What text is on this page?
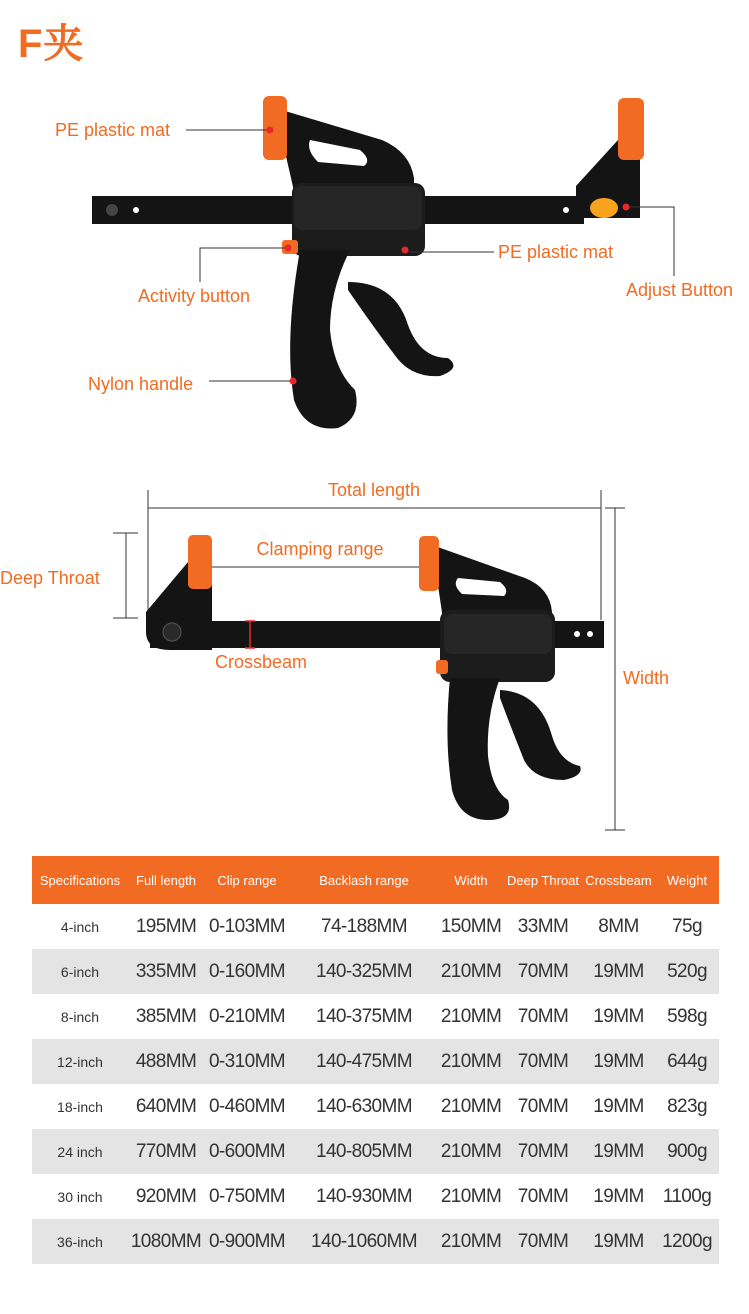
F夹
PE plastic mat
PE plastic mat
Activity button	Adjust Button
Nylon handle
Total length
Clamping range
Deep Throat
Crossbeam
Width
Specifications	Full length	Clip range	Backlash range	Width	Deep Throat	Crossbeam	Weight
4-inch	195MM	0-103MM	74-188MM	150MM	33MM	8MM	75g
6-inch	335MM	0-160MM	140-325MM	210MM	70MM	19MM	520g
8-inch	385MM	0-210MM	140-375MM	210MM	70MM	19MM	598g
12-inch	488MM	0-310MM	140-475MM	210MM	70MM	19MM	644g
18-inch	640MM	0-460MM	140-630MM	210MM	70MM	19MM	823g
24 inch	770MM	0-600MM	140-805MM	210MM	70MM	19MM	900g
30 inch	920MM	0-750MM	140-930MM	210MM	70MM	19MM	1100g
36-inch	1080MM	0-900MM	140-1060MM	210MM	70MM	19MM	1200g
